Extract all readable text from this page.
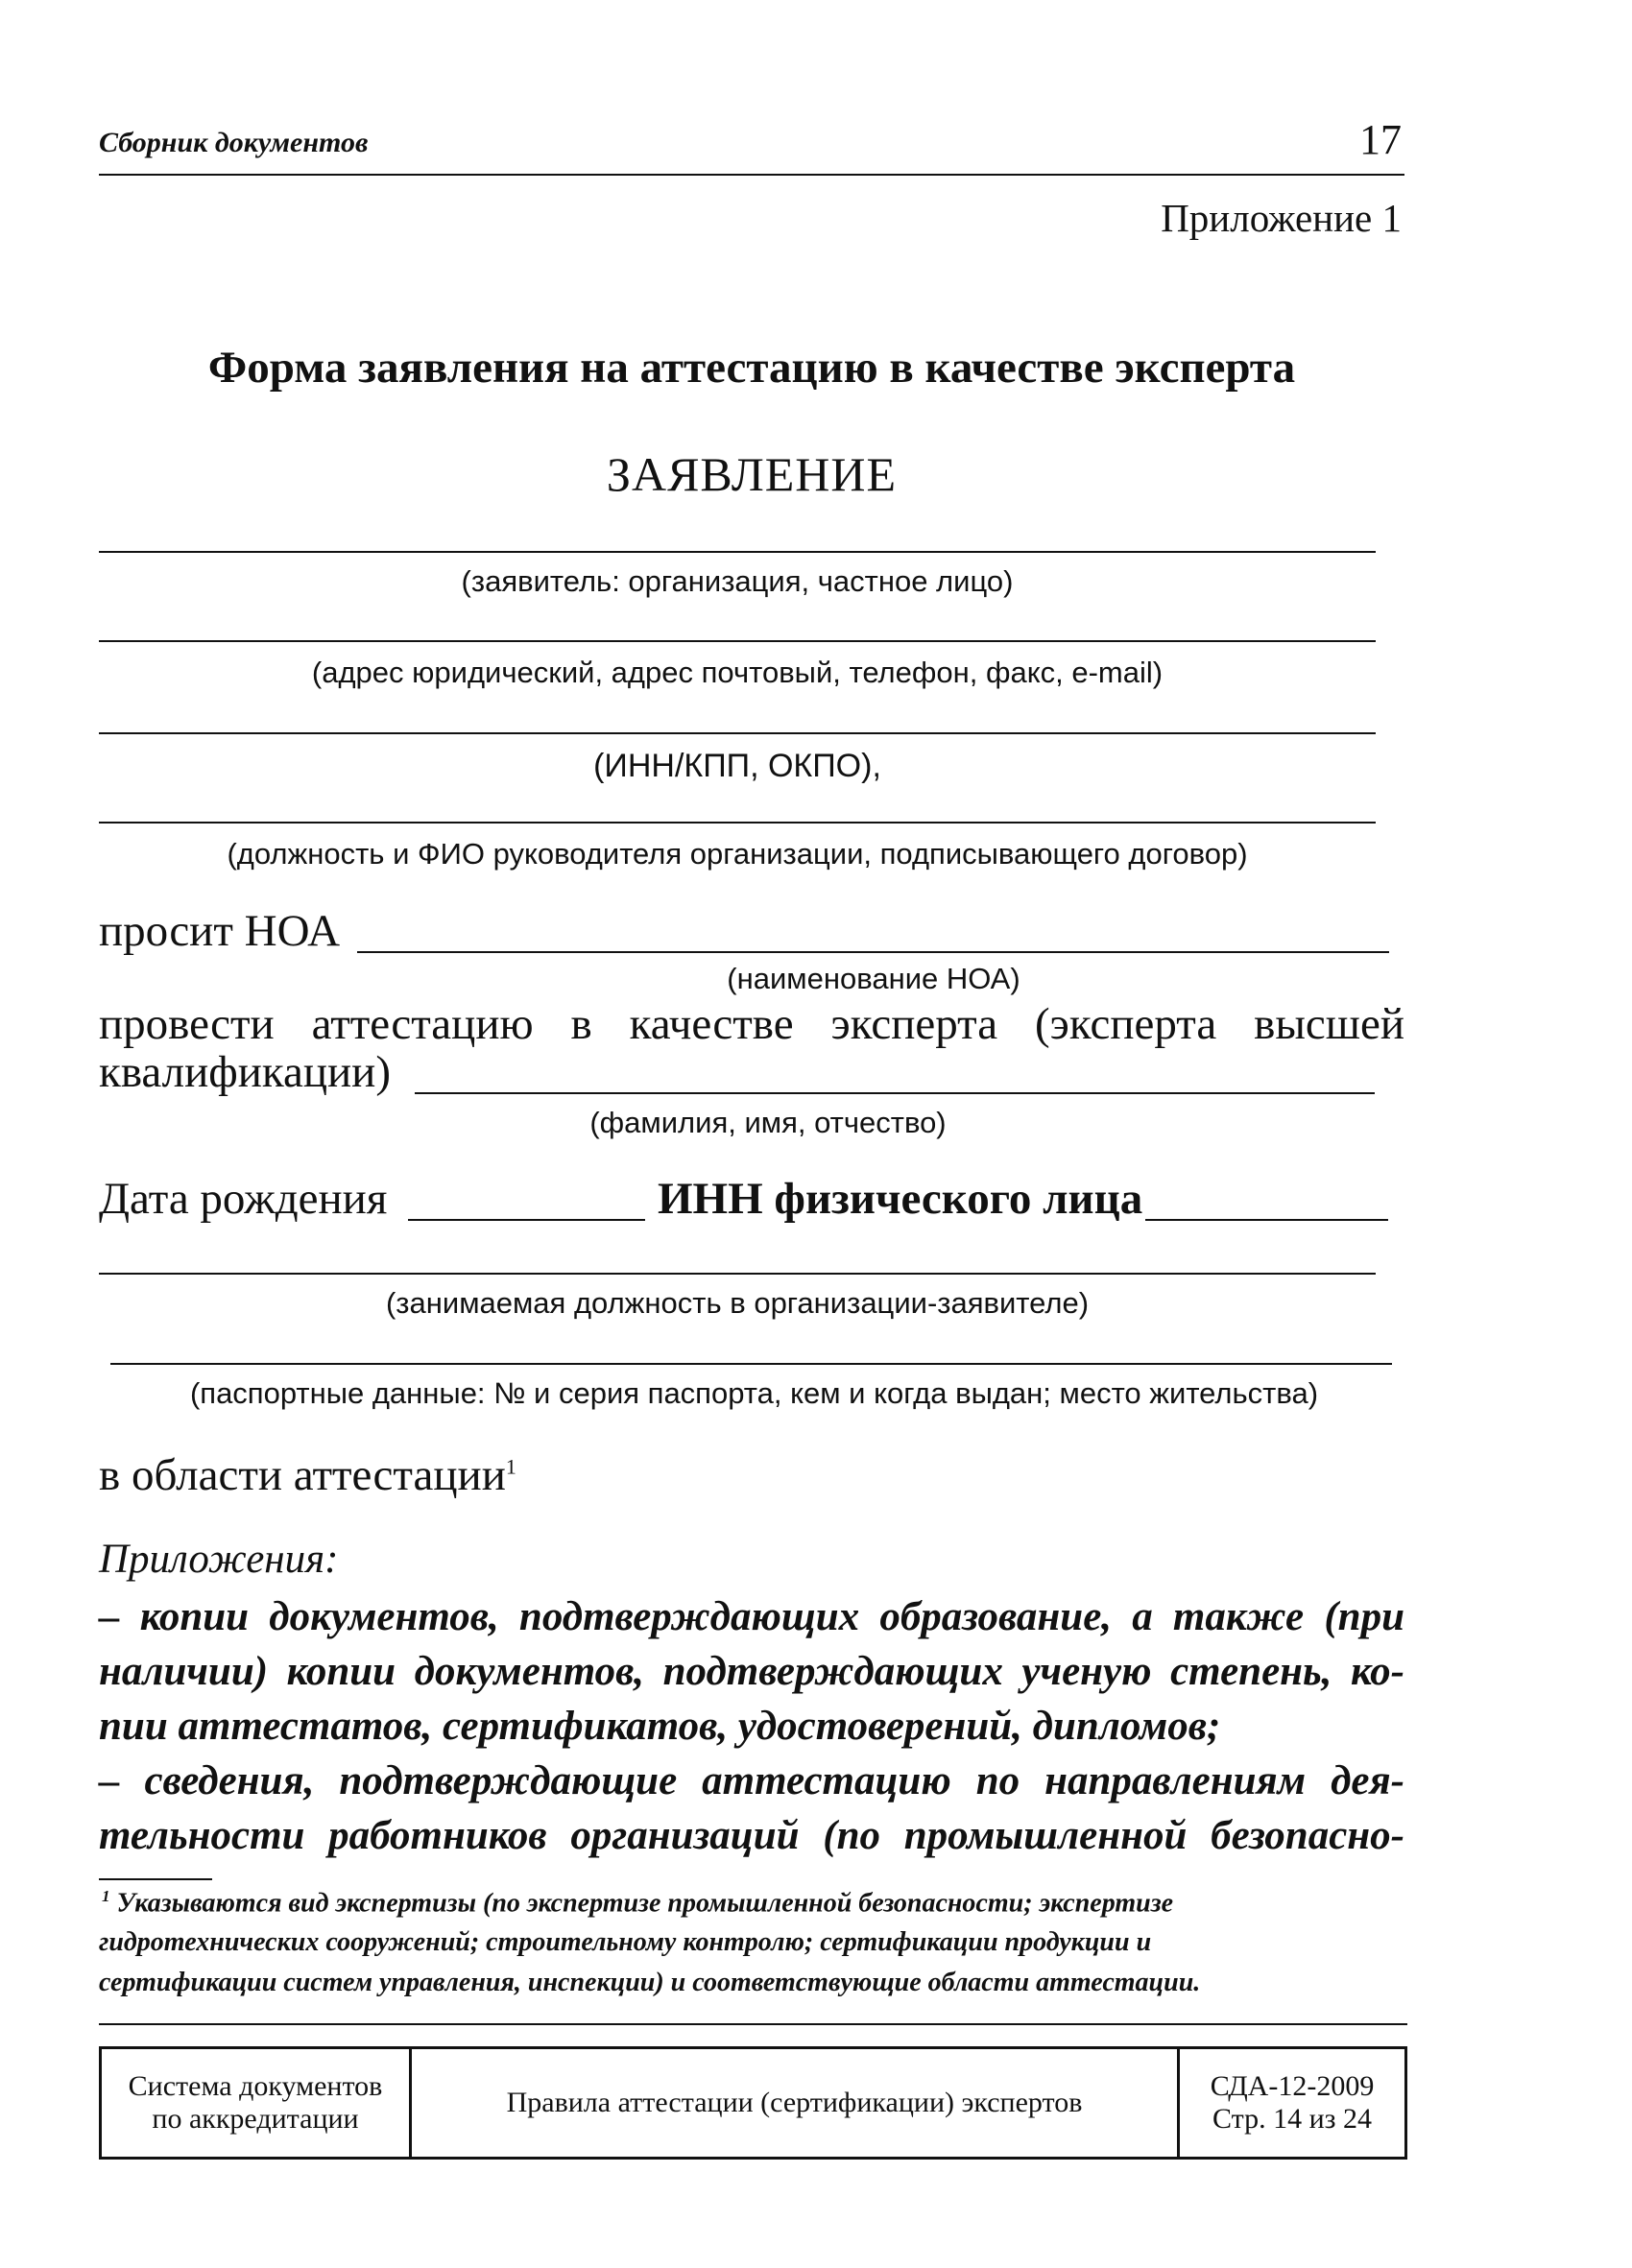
Сборник документов	17
Приложение 1
Форма заявления на аттестацию в качестве эксперта
ЗАЯВЛЕНИЕ
(заявитель: организация, частное лицо)
(адрес юридический, адрес почтовый, телефон, факс, e-mail)
(ИНН/КПП, ОКПО),
(должность и ФИО руководителя организации, подписывающего договор)
просит НОА
(наименование НОА)
провести аттестацию в качестве эксперта (эксперта высшей
квалификации)
(фамилия, имя, отчество)
Дата рождения	ИНН физического лица
(занимаемая должность в организации-заявителе)
(паспортные данные: № и серия паспорта, кем и когда выдан; место жительства)
в области аттестации$^1$
Приложения:
– копии документов, подтверждающих образование, а также (при
наличии) копии документов, подтверждающих ученую степень, ко-
пии аттестатов, сертификатов, удостоверений, дипломов;
– сведения, подтверждающие аттестацию по направлениям дея-
тельности работников организаций (по промышленной безопасно-
$^1$ Указываются вид экспертизы (по экспертизе промышленной безопасности; экспертизе
гидротехнических сооружений; строительному контролю; сертификации продукции и
сертификации систем управления, инспекции) и соответствующие области аттестации.
Система документов
по аккредитации
Правила аттестации (сертификации) экспертов
СДА-12-2009
Стр. 14 из 24
